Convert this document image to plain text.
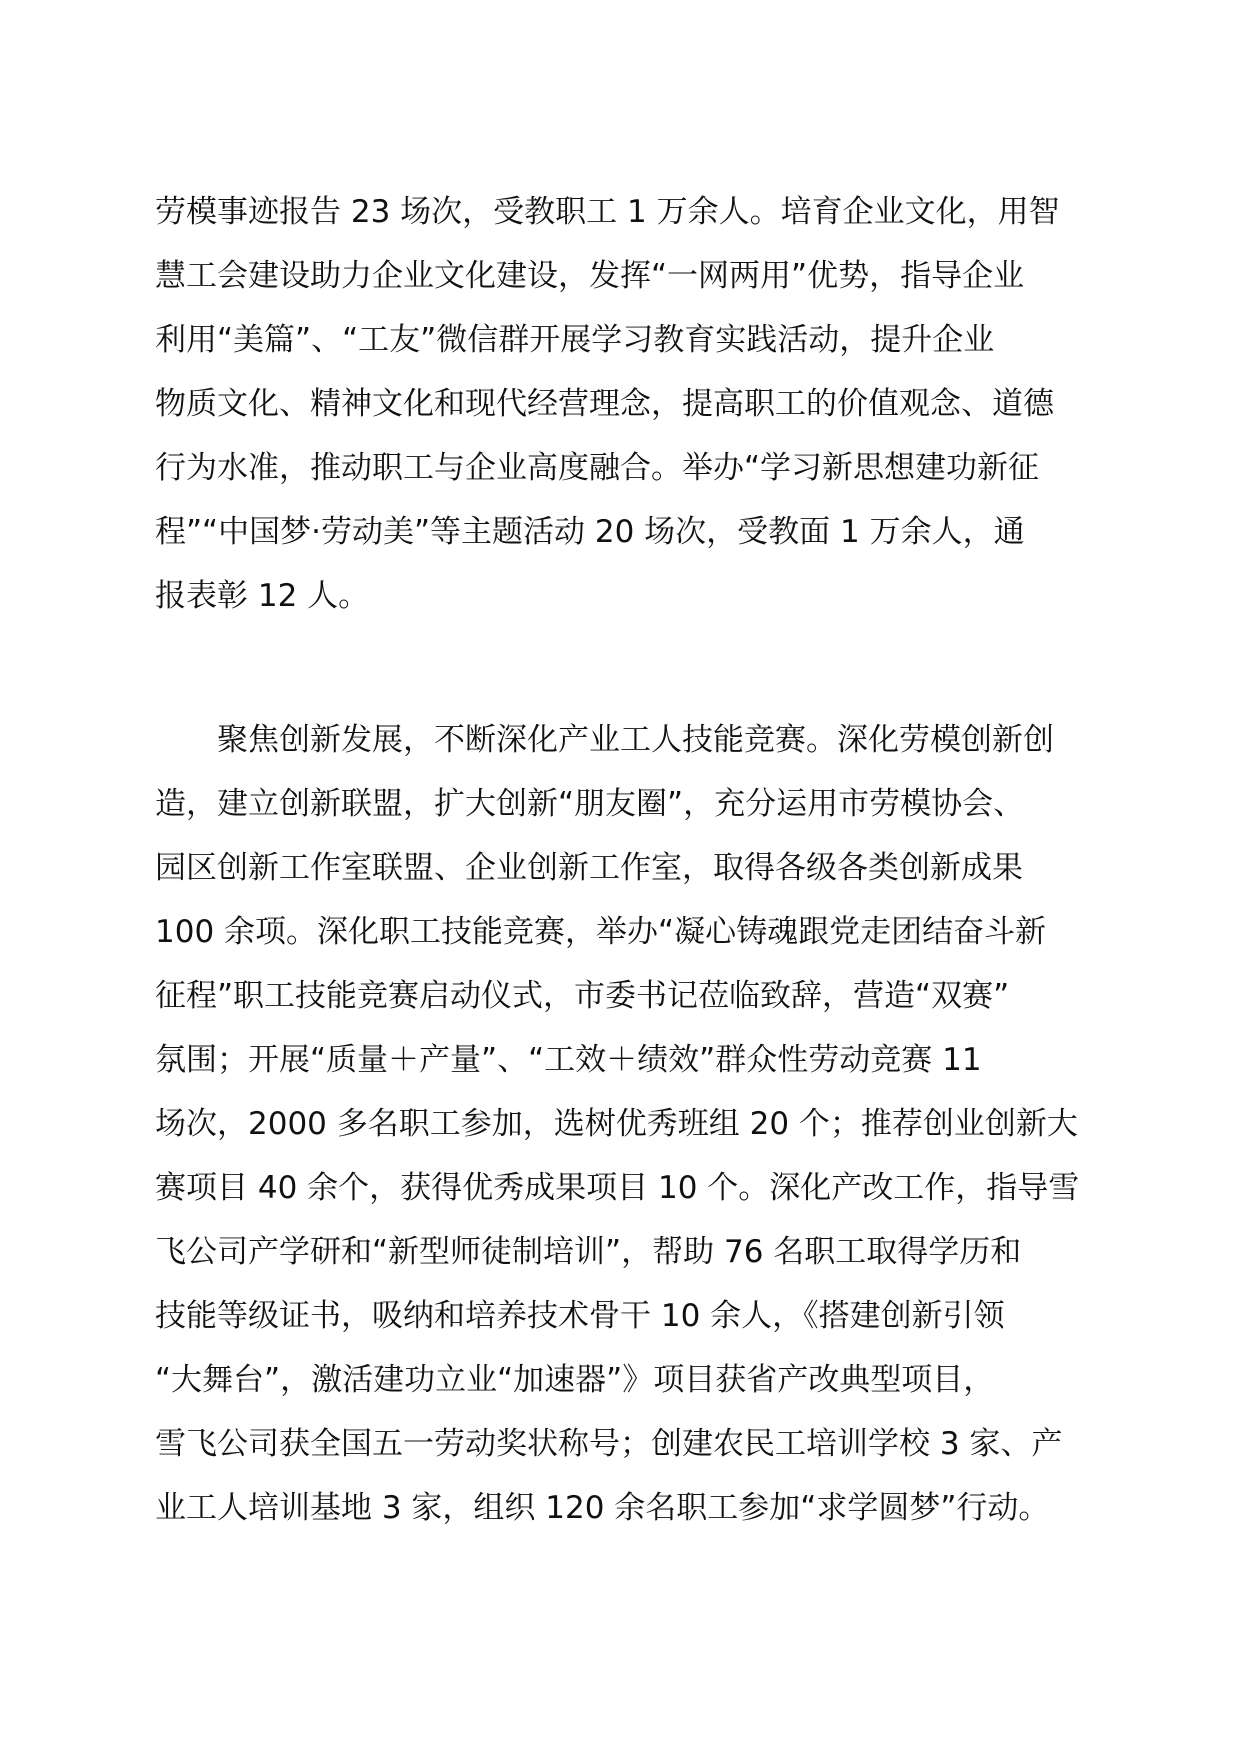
劳模事迹报告 23 场次，受教职工 1 万余人。培育企业文化，用智
慧工会建设助力企业文化建设，发挥“一网两用”优势，指导企业
利用“美篇”、“工友”微信群开展学习教育实践活动，提升企业
物质文化、精神文化和现代经营理念，提高职工的价值观念、道德
行为水准，推动职工与企业高度融合。举办“学习新思想建功新征
程”“中国梦·劳动美”等主题活动 20 场次，受教面 1 万余人，通
报表彰 12 人。
聚焦创新发展，不断深化产业工人技能竞赛。深化劳模创新创
造，建立创新联盟，扩大创新“朋友圈”，充分运用市劳模协会、
园区创新工作室联盟、企业创新工作室，取得各级各类创新成果
100 余项。深化职工技能竞赛，举办“凝心铸魂跟党走团结奋斗新
征程”职工技能竞赛启动仪式，市委书记莅临致辞，营造“双赛”
氛围；开展“质量＋产量”、“工效＋绩效”群众性劳动竞赛 11
场次，2000 多名职工参加，选树优秀班组 20 个；推荐创业创新大
赛项目 40 余个，获得优秀成果项目 10 个。深化产改工作，指导雪
飞公司产学研和“新型师徒制培训”，帮助 76 名职工取得学历和
技能等级证书，吸纳和培养技术骨干 10 余人，《搭建创新引领
“大舞台”，激活建功立业“加速器”》项目获省产改典型项目，
雪飞公司获全国五一劳动奖状称号；创建农民工培训学校 3 家、产
业工人培训基地 3 家，组织 120 余名职工参加“求学圆梦”行动。
